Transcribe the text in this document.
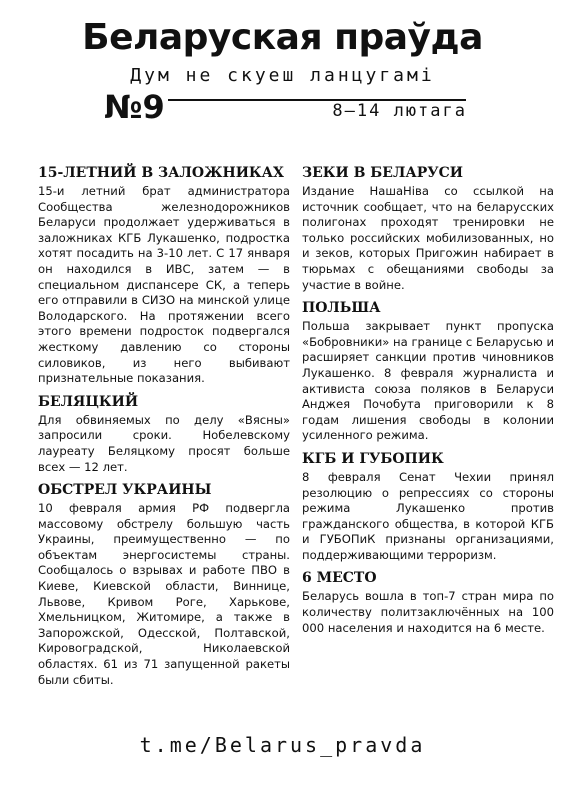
Беларуская праўда
Дум не скуеш ланцугамі
№9	8—14 лютага
15-ЛЕТНИЙ В ЗАЛОЖНИКАХ

15-и летний брат администратора Сообщества железнодорожников Беларуси продолжает удерживаться в заложниках КГБ Лукашенко, подростка хотят посадить на 3-10 лет. С 17 января он находился в ИВС, затем — в специальном диспансере СК, а теперь его отправили в СИЗО на минской улице Володарского. На протяжении всего этого времени подросток подвергался жесткому давлению со стороны силовиков, из него выбивают признательные показания.

БЕЛЯЦКИЙ

Для обвиняемых по делу «Вясны» запросили сроки. Нобелевскому лауреату Беляцкому просят больше всех — 12 лет.

ОБСТРЕЛ УКРАИНЫ

10 февраля армия РФ подвергла массовому обстрелу большую часть Украины, преимущественно — по объектам энергосистемы страны. Сообщалось о взрывах и работе ПВО в Киеве, Киевской области, Виннице, Львове, Кривом Роге, Харькове, Хмельницком, Житомире, а также в Запорожской, Одесской, Полтавской, Кировоградской, Николаевской областях. 61 из 71 запущенной ракеты были сбиты.

ЗЕКИ В БЕЛАРУСИ

Издание НашаНіва со ссылкой на источник сообщает, что на беларусских полигонах проходят тренировки не только российских мобилизованных, но и зеков, которых Пригожин набирает в тюрьмах с обещаниями свободы за участие в войне.

ПОЛЬША

Польша закрывает пункт пропуска «Бобровники» на границе с Беларусью и расширяет санкции против чиновников Лукашенко. 8 февраля журналиста и активиста союза поляков в Беларуси Анджея Почобута приговорили к 8 годам лишения свободы в колонии усиленного режима.

КГБ И ГУБОПИК

8 февраля Сенат Чехии принял резолюцию о репрессиях со стороны режима Лукашенко против гражданского общества, в которой КГБ и ГУБОПиК признаны организациями, поддерживающими терроризм.

6 МЕСТО

Беларусь вошла в топ-7 стран мира по количеству политзаключённых на 100 000 населения и находится на 6 месте.

t.me/Belarus_pravda
